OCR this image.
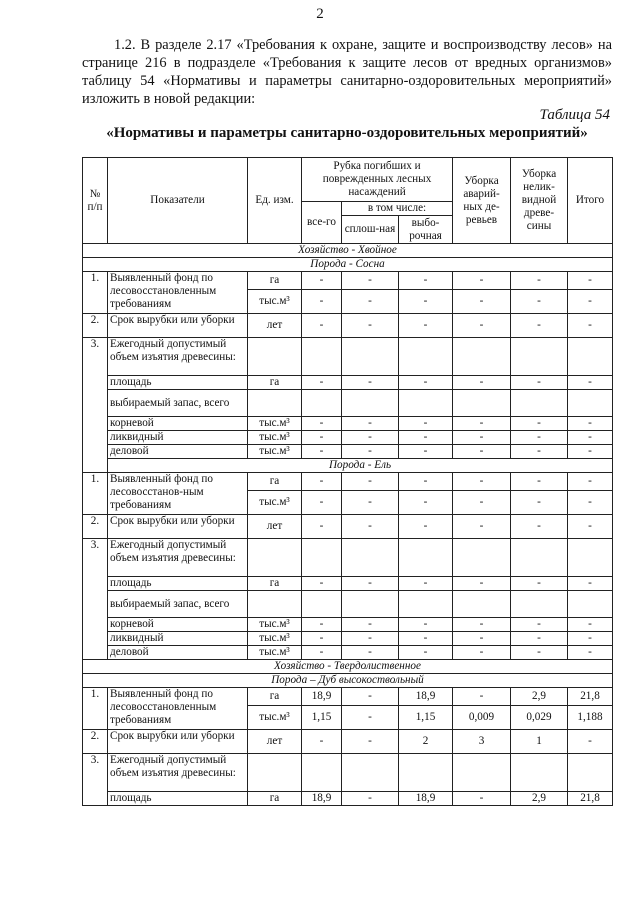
2

1.2. В разделе 2.17 «Требования к охране, защите и воспроизводству лесов» на странице 216 в подразделе «Требования к защите лесов от вредных организмов» таблицу 54 «Нормативы и параметры санитарно-оздоровительных мероприятий» изложить в новой редакции:

Таблица 54
«Нормативы и параметры санитарно-оздоровительных мероприятий»
№ п/п	Показатели	Ед. изм.	Рубка погибших и поврежденных лесных насаждений			Уборка аварий-ных де-ревьев	Уборка нелик-видной древе-сины	Итого
			все-го	в том числе:				
				сплош-ная	выбо-рочная			
Хозяйство - Хвойное								
Порода - Сосна								
1.	Выявленный фонд по лесовосстановленным требованиям	га	-	-	-	-	-	-
		тыс.м³	-	-	-	-	-	-
2.	Срок вырубки или уборки	лет	-	-	-	-	-	-
3.	Ежегодный допустимый объем изъятия древесины:							
	площадь	га	-	-	-	-	-	-
	выбираемый запас, всего							
	корневой	тыс.м³	-	-	-	-	-	-
	ликвидный	тыс.м³	-	-	-	-	-	-
	деловой	тыс.м³	-	-	-	-	-	-
	Порода - Ель							
1.	Выявленный фонд по лесовосстанов-ным требованиям	га	-	-	-	-	-	-
		тыс.м³	-	-	-	-	-	-
2.	Срок вырубки или уборки	лет	-	-	-	-	-	-
3.	Ежегодный допустимый объем изъятия древесины:							
	площадь	га	-	-	-	-	-	-
	выбираемый запас, всего							
	корневой	тыс.м³	-	-	-	-	-	-
	ликвидный	тыс.м³	-	-	-	-	-	-
	деловой	тыс.м³	-	-	-	-	-	-
Хозяйство - Твердолиственное								
Порода – Дуб высокоствольный								
1.	Выявленный фонд по лесовосстановленным требованиям	га	18,9	-	18,9	-	2,9	21,8
		тыс.м³	1,15	-	1,15	0,009	0,029	1,188
2.	Срок вырубки или уборки	лет	-	-	2	3	1	-
3.	Ежегодный допустимый объем изъятия древесины:							
	площадь	га	18,9	-	18,9	-	2,9	21,8
